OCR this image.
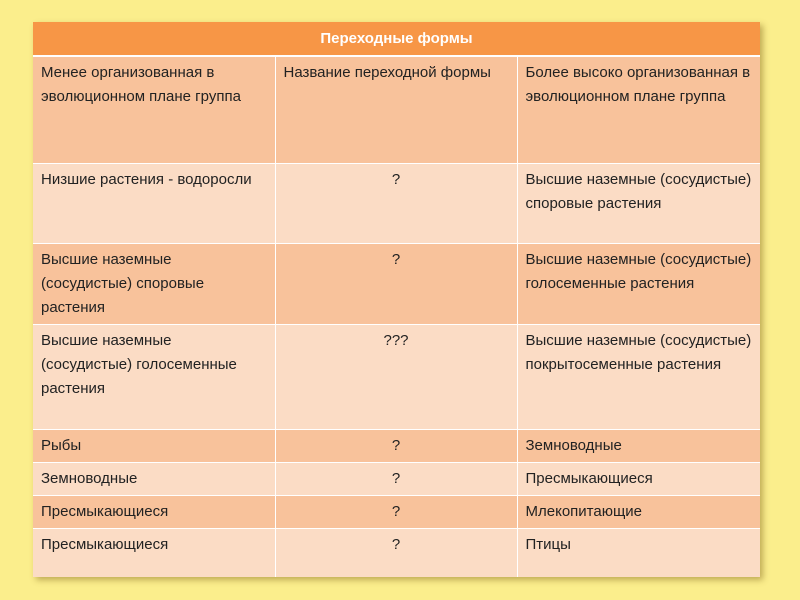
Переходные формы		
Менее организованная в эволюционном плане группа	Название переходной формы	Более высоко организованная в эволюционном плане группа
Низшие растения - водоросли	?	Высшие наземные (сосудистые) споровые растения
Высшие наземные (сосудистые) споровые растения	?	Высшие наземные (сосудистые) голосеменные растения
Высшие наземные (сосудистые) голосеменные растения	???	Высшие наземные (сосудистые) покрытосеменные растения
Рыбы	?	Земноводные
Земноводные	?	Пресмыкающиеся
Пресмыкающиеся	?	Млекопитающие
Пресмыкающиеся	?	Птицы
